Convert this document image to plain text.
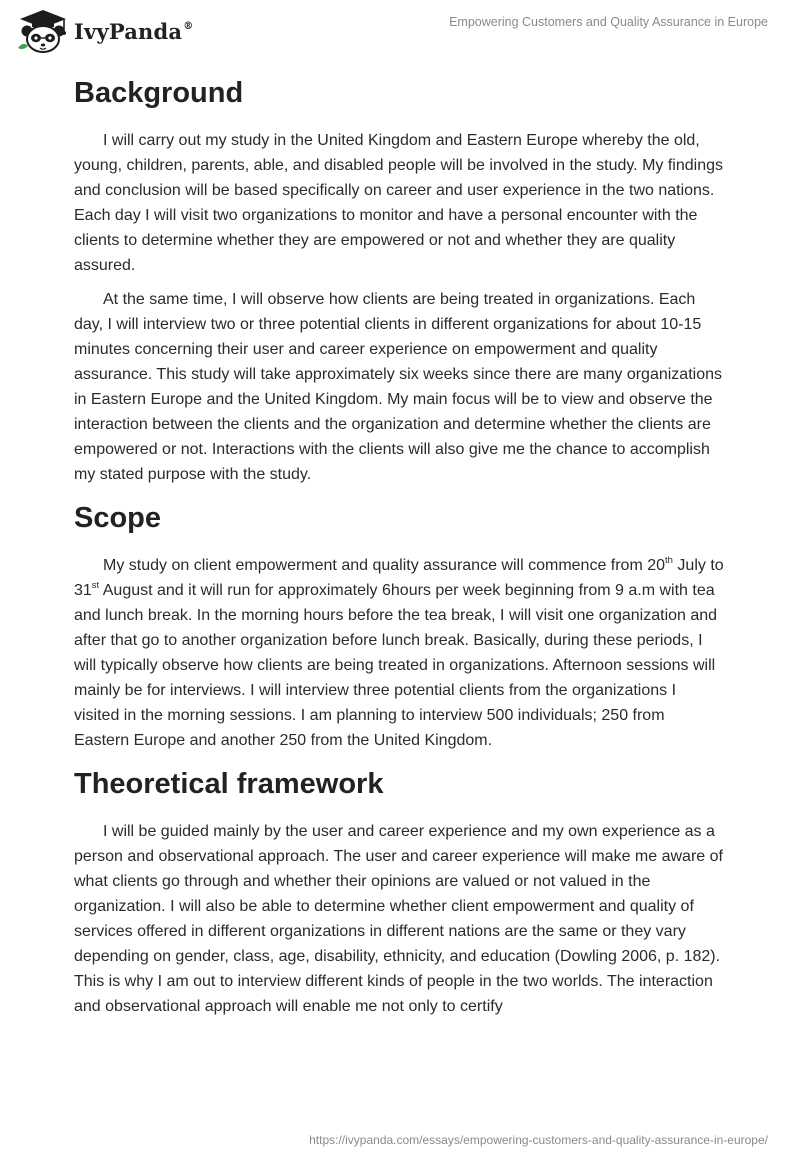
IvyPanda®	Empowering Customers and Quality Assurance in Europe
Background

I will carry out my study in the United Kingdom and Eastern Europe whereby the old, young, children, parents, able, and disabled people will be involved in the study. My findings and conclusion will be based specifically on career and user experience in the two nations. Each day I will visit two organizations to monitor and have a personal encounter with the clients to determine whether they are empowered or not and whether they are quality assured.

At the same time, I will observe how clients are being treated in organizations. Each day, I will interview two or three potential clients in different organizations for about 10-15 minutes concerning their user and career experience on empowerment and quality assurance. This study will take approximately six weeks since there are many organizations in Eastern Europe and the United Kingdom. My main focus will be to view and observe the interaction between the clients and the organization and determine whether the clients are empowered or not. Interactions with the clients will also give me the chance to accomplish my stated purpose with the study.

Scope

My study on client empowerment and quality assurance will commence from 20th July to 31st August and it will run for approximately 6hours per week beginning from 9 a.m with tea and lunch break. In the morning hours before the tea break, I will visit one organization and after that go to another organization before lunch break. Basically, during these periods, I will typically observe how clients are being treated in organizations. Afternoon sessions will mainly be for interviews. I will interview three potential clients from the organizations I visited in the morning sessions. I am planning to interview 500 individuals; 250 from Eastern Europe and another 250 from the United Kingdom.

Theoretical framework

I will be guided mainly by the user and career experience and my own experience as a person and observational approach. The user and career experience will make me aware of what clients go through and whether their opinions are valued or not valued in the organization. I will also be able to determine whether client empowerment and quality of services offered in different organizations in different nations are the same or they vary depending on gender, class, age, disability, ethnicity, and education (Dowling 2006, p. 182). This is why I am out to interview different kinds of people in the two worlds. The interaction and observational approach will enable me not only to certify

https://ivypanda.com/essays/empowering-customers-and-quality-assurance-in-europe/
